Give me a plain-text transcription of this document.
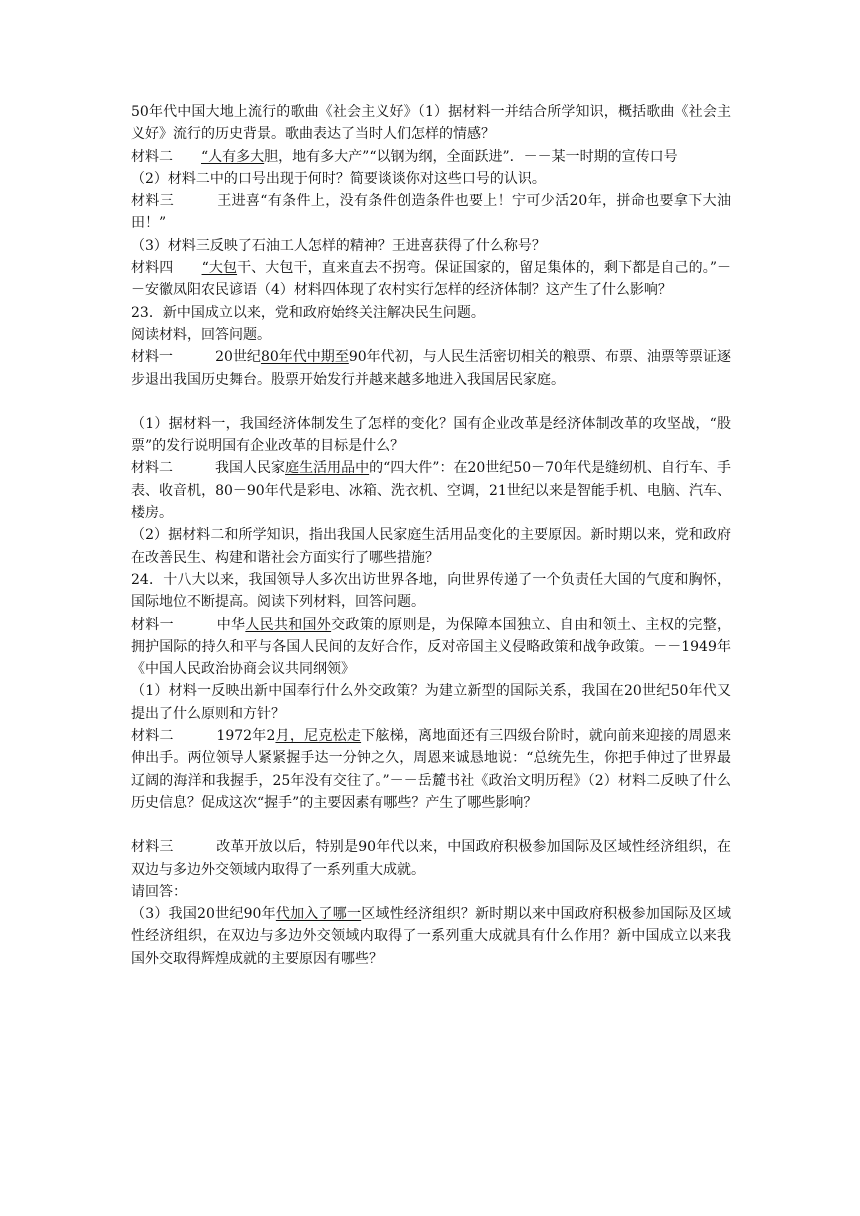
50年代中国大地上流行的歌曲《社会主义好》（1）据材料一并结合所学知识，概括歌曲《社会主义好》流行的历史背景。歌曲表达了当时人们怎样的情感？

材料二　　“人有多大胆，地有多大产”“以钢为纲，全面跃进”．－－某一时期的宣传口号

（2）材料二中的口号出现于何时？简要谈谈你对这些口号的认识。

材料三　　　王进喜“有条件上，没有条件创造条件也要上！宁可少活20年，拼命也要拿下大油田！”

（3）材料三反映了石油工人怎样的精神？王进喜获得了什么称号？

材料四　　“大包干、大包干，直来直去不拐弯。保证国家的，留足集体的，剩下都是自己的。”－－安徽凤阳农民谚语（4）材料四体现了农村实行怎样的经济体制？这产生了什么影响？

23．新中国成立以来，党和政府始终关注解决民生问题。

阅读材料，回答问题。

材料一　　　20世纪80年代中期至90年代初，与人民生活密切相关的粮票、布票、油票等票证逐步退出我国历史舞台。股票开始发行并越来越多地进入我国居民家庭。

（1）据材料一，我国经济体制发生了怎样的变化？国有企业改革是经济体制改革的攻坚战，“股票”的发行说明国有企业改革的目标是什么？

材料二　　　我国人民家庭生活用品中的“四大件”：在20世纪50－70年代是缝纫机、自行车、手表、收音机，80－90年代是彩电、冰箱、洗衣机、空调，21世纪以来是智能手机、电脑、汽车、楼房。

（2）据材料二和所学知识，指出我国人民家庭生活用品变化的主要原因。新时期以来，党和政府在改善民生、构建和谐社会方面实行了哪些措施？

24．十八大以来，我国领导人多次出访世界各地，向世界传递了一个负责任大国的气度和胸怀，国际地位不断提高。阅读下列材料，回答问题。

材料一　　　中华人民共和国外交政策的原则是，为保障本国独立、自由和领土、主权的完整，拥护国际的持久和平与各国人民间的友好合作，反对帝国主义侵略政策和战争政策。－－1949年《中国人民政治协商会议共同纲领》

（1）材料一反映出新中国奉行什么外交政策？为建立新型的国际关系，我国在20世纪50年代又提出了什么原则和方针？

材料二　　　1972年2月，尼克松走下舷梯，离地面还有三四级台阶时，就向前来迎接的周恩来伸出手。两位领导人紧紧握手达一分钟之久，周恩来诚恳地说：“总统先生，你把手伸过了世界最辽阔的海洋和我握手，25年没有交往了。”－－岳麓书社《政治文明历程》（2）材料二反映了什么历史信息？促成这次“握手”的主要因素有哪些？产生了哪些影响？

材料三　　　改革开放以后，特别是90年代以来，中国政府积极参加国际及区域性经济组织，在双边与多边外交领域内取得了一系列重大成就。

请回答：

（3）我国20世纪90年代加入了哪一区域性经济组织？新时期以来中国政府积极参加国际及区域性经济组织，在双边与多边外交领域内取得了一系列重大成就具有什么作用？新中国成立以来我国外交取得辉煌成就的主要原因有哪些？
